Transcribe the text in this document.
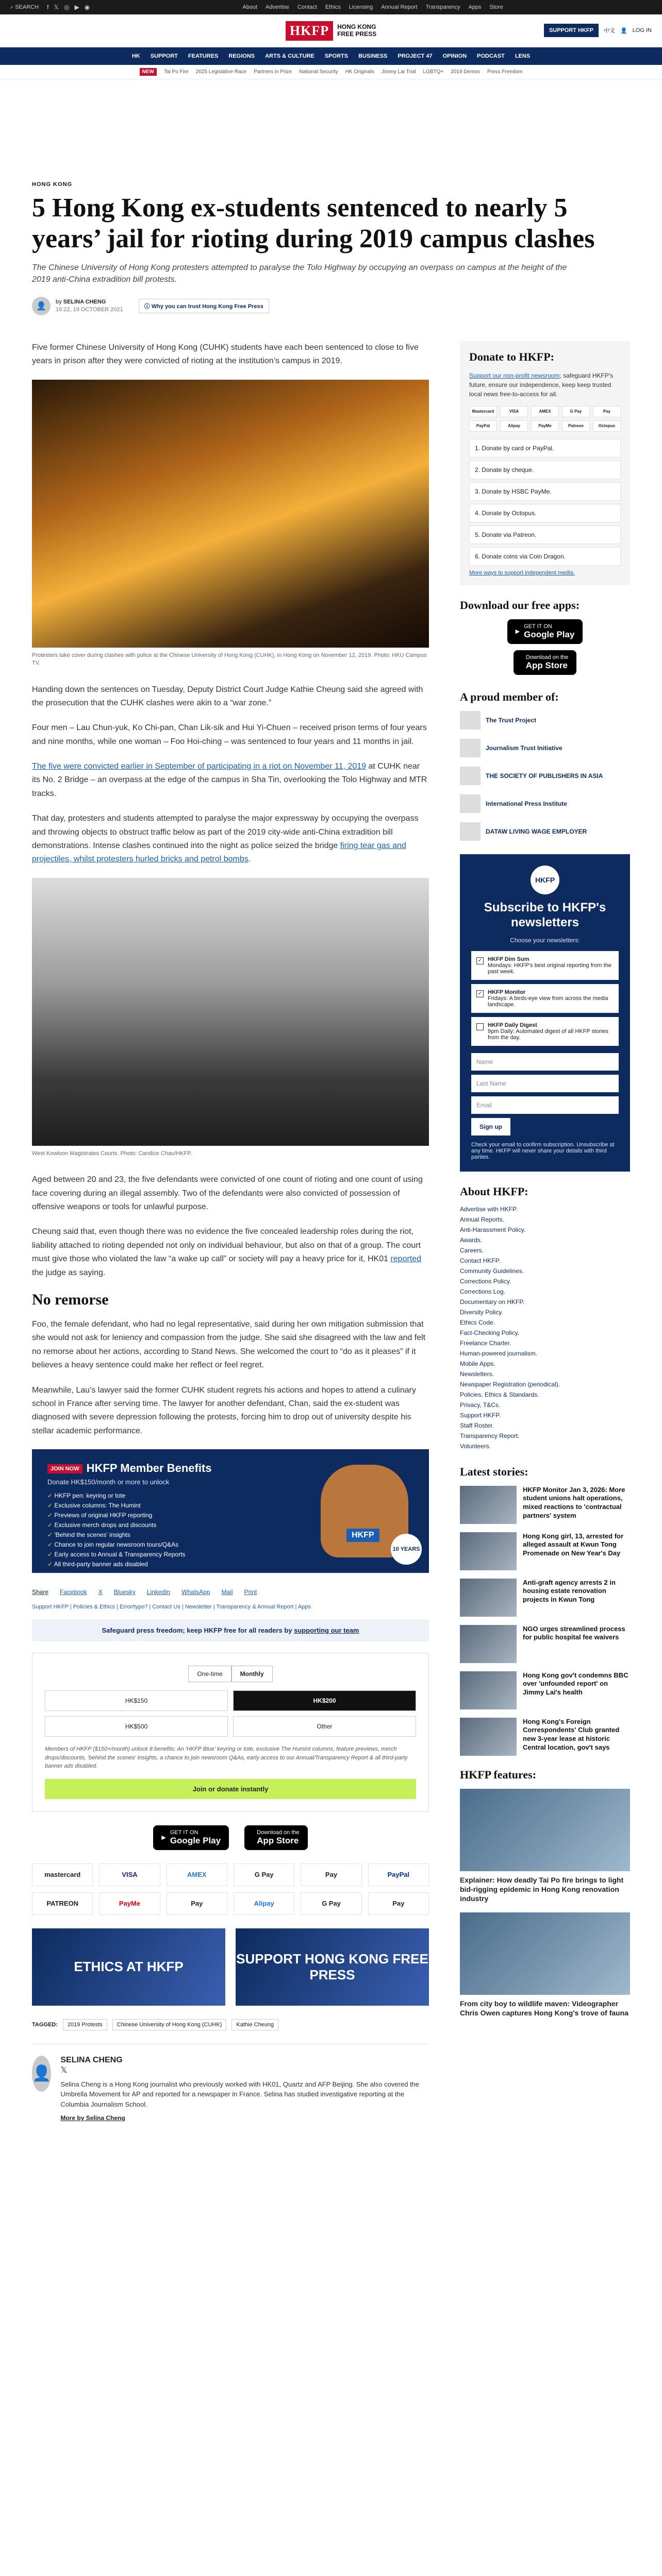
⌕ SEARCH f 𝕏 ◎ ▶ ◉	About Advertise Contact Ethics Licensing Annual Report Transparency Apps Store
HKFP	HONG KONG
FREE PRESS	SUPPORT HKFP	中文 👤 LOG IN
HK SUPPORT FEATURES REGIONS ARTS & CULTURE SPORTS BUSINESS PROJECT 47 OPINION PODCAST LENS
NEW	Tai Po Fire 2025 Legislative Race Partners in Prize National Security HK Originals Jimmy Lai Trial LGBTQ+ 2019 Demos Press Freedom
HONG KONG
5 Hong Kong ex-students sentenced to nearly 5 years’ jail for rioting during 2019 campus clashes
The Chinese University of Hong Kong protesters attempted to paralyse the Tolo Highway by occupying an overpass on campus at the height of the 2019 anti-China extradition bill protests.
👤	by SELINA CHENG
16:22, 19 OCTOBER 2021
ⓘ Why you can trust Hong Kong Free Press

Five former Chinese University of Hong Kong (CUHK) students have each been sentenced to close to five years in prison after they were convicted of rioting at the institution’s campus in 2019.

Protesters take cover during clashes with police at the Chinese University of Hong Kong (CUHK), in Hong Kong on November 12, 2019. Photo: HKU Campus TV.

Handing down the sentences on Tuesday, Deputy District Court Judge Kathie Cheung said she agreed with the prosecution that the CUHK clashes were akin to a “war zone.”

Four men – Lau Chun-yuk, Ko Chi-pan, Chan Lik-sik and Hui Yi-Chuen – received prison terms of four years and nine months, while one woman – Foo Hoi-ching – was sentenced to four years and 11 months in jail.

The five were convicted earlier in September of participating in a riot on November 11, 2019 at CUHK near its No. 2 Bridge – an overpass at the edge of the campus in Sha Tin, overlooking the Tolo Highway and MTR tracks.

That day, protesters and students attempted to paralyse the major expressway by occupying the overpass and throwing objects to obstruct traffic below as part of the 2019 city-wide anti-China extradition bill demonstrations. Intense clashes continued into the night as police seized the bridge firing tear gas and projectiles, whilst protesters hurled bricks and petrol bombs.

West Kowloon Magistrates Courts. Photo: Candice Chau/HKFP.

Aged between 20 and 23, the five defendants were convicted of one count of rioting and one count of using face covering during an illegal assembly. Two of the defendants were also convicted of possession of offensive weapons or tools for unlawful purpose.

Cheung said that, even though there was no evidence the five concealed leadership roles during the riot, liability attached to rioting depended not only on individual behaviour, but also on that of a group. The court must give those who violated the law “a wake up call” or society will pay a heavy price for it, HK01 reported the judge as saying.

No remorse

Foo, the female defendant, who had no legal representative, said during her own mitigation submission that she would not ask for leniency and compassion from the judge. She said she disagreed with the law and felt no remorse about her actions, according to Stand News. She welcomed the court to “do as it pleases” if it believes a heavy sentence could make her reflect or feel regret.

Meanwhile, Lau’s lawyer said the former CUHK student regrets his actions and hopes to attend a culinary school in France after serving time. The lawyer for another defendant, Chan, said the ex-student was diagnosed with severe depression following the protests, forcing him to drop out of university despite his stellar academic performance.

JOIN NOW HKFP Member Benefits
Donate HK$150/month or more to unlock
✓ HKFP pen: keyring or tote
✓ Exclusive columns: The Humint
✓ Previews of original HKFP reporting
✓ Exclusive merch drops and discounts
✓ 'Behind the scenes' insights
✓ Chance to join regular newsroom tours/Q&As
✓ Early access to Annual & Transparency Reports
✓ All third-party banner ads disabled
HKFP
10 YEARS
Share Facebook X Bluesky LinkedIn WhatsApp Mail Print
Support HKFP | Policies & Ethics | Error/typo? | Contact Us | Newsletter | Transparency & Annual Report | Apps
Safeguard press freedom; keep HKFP free for all readers by supporting our team
One-time	Monthly
HK$150	HK$200
HK$500	Other
Members of HKFP ($150+/month) unlock 8 benefits: An 'HKFP Blue' keyring or tote, exclusive The Humint columns, feature previews, merch drops/discounts, 'behind the scenes' insights, a chance to join newsroom Q&As, early access to our Annual/Transparency Report & all third-party banner ads disabled.
Join or donate instantly
▶
GET IT ON
Google Play
Download on the
App Store
mastercard	VISA	AMEX	G Pay	Pay	PayPal
PATREON	PayMe	Pay	Alipay	G Pay	Pay
ETHICS AT HKFP
SUPPORT HONG KONG FREE PRESS
TAGGED:	2019 Protests	Chinese University of Hong Kong (CUHK)	Kathie Cheung
👤
SELINA CHENG
𝕏

Selina Cheng is a Hong Kong journalist who previously worked with HK01, Quartz and AFP Beijing. She also covered the Umbrella Movement for AP and reported for a newspaper in France. Selina has studied investigative reporting at the Columbia Journalism School.

More by Selina Cheng
Donate to HKFP:

Support our non-profit newsroom; safeguard HKFP’s future, ensure our independence, keep keep trusted local news free-to-access for all.

Mastercard	VISA	AMEX	G Pay	Pay
PayPal	Alipay	PayMe	Patreon	Octopus
1. Donate by card or PayPal.
2. Donate by cheque.
3. Donate by HSBC PayMe.
4. Donate by Octopus.
5. Donate via Patreon.
6. Donate coins via Coin Dragon.
More ways to support independent media.
Download our free apps:
▶
GET IT ON
Google Play
Download on the
App Store
A proud member of:
The Trust Project
Journalism Trust Initiative
THE SOCIETY OF PUBLISHERS IN ASIA
International Press Institute
DATAW LIVING WAGE EMPLOYER
HKFP
Subscribe to HKFP's newsletters
Choose your newsletters:
✓ HKFP Dim Sum
Mondays: HKFP's best original reporting from the past week.
✓ HKFP Monitor
Fridays: A birds-eye view from across the media landscape.
HKFP Daily Digest
9pm Daily: Automated digest of all HKFP stories from the day.
Name
Last Name
Email
Sign up
Check your email to confirm subscription. Unsubscribe at any time. HKFP will never share your details with third parties.
About HKFP:
Advertise with HKFP.
Annual Reports.
Anti-Harassment Policy.
Awards.
Careers.
Contact HKFP.
Community Guidelines.
Corrections Policy.
Corrections Log.
Documentary on HKFP.
Diversity Policy.
Ethics Code.
Fact-Checking Policy.
Freelance Charter.
Human-powered journalism.
Mobile Apps.
Newsletters.
Newspaper Registration (periodical).
Policies, Ethics & Standards.
Privacy, T&Cs.
Support HKFP.
Staff Roster.
Transparency Report.
Volunteers.
Latest stories:
HKFP Monitor Jan 3, 2026: More student unions halt operations, mixed reactions to 'contractual partners' system
Hong Kong girl, 13, arrested for alleged assault at Kwun Tong Promenade on New Year's Day
Anti-graft agency arrests 2 in housing estate renovation projects in Kwun Tong
NGO urges streamlined process for public hospital fee waivers
Hong Kong gov't condemns BBC over 'unfounded report' on Jimmy Lai's health
Hong Kong's Foreign Correspondents' Club granted new 3-year lease at historic Central location, gov't says
HKFP features:
Explainer: How deadly Tai Po fire brings to light bid-rigging epidemic in Hong Kong renovation industry
From city boy to wildlife maven: Videographer Chris Owen captures Hong Kong's trove of fauna
